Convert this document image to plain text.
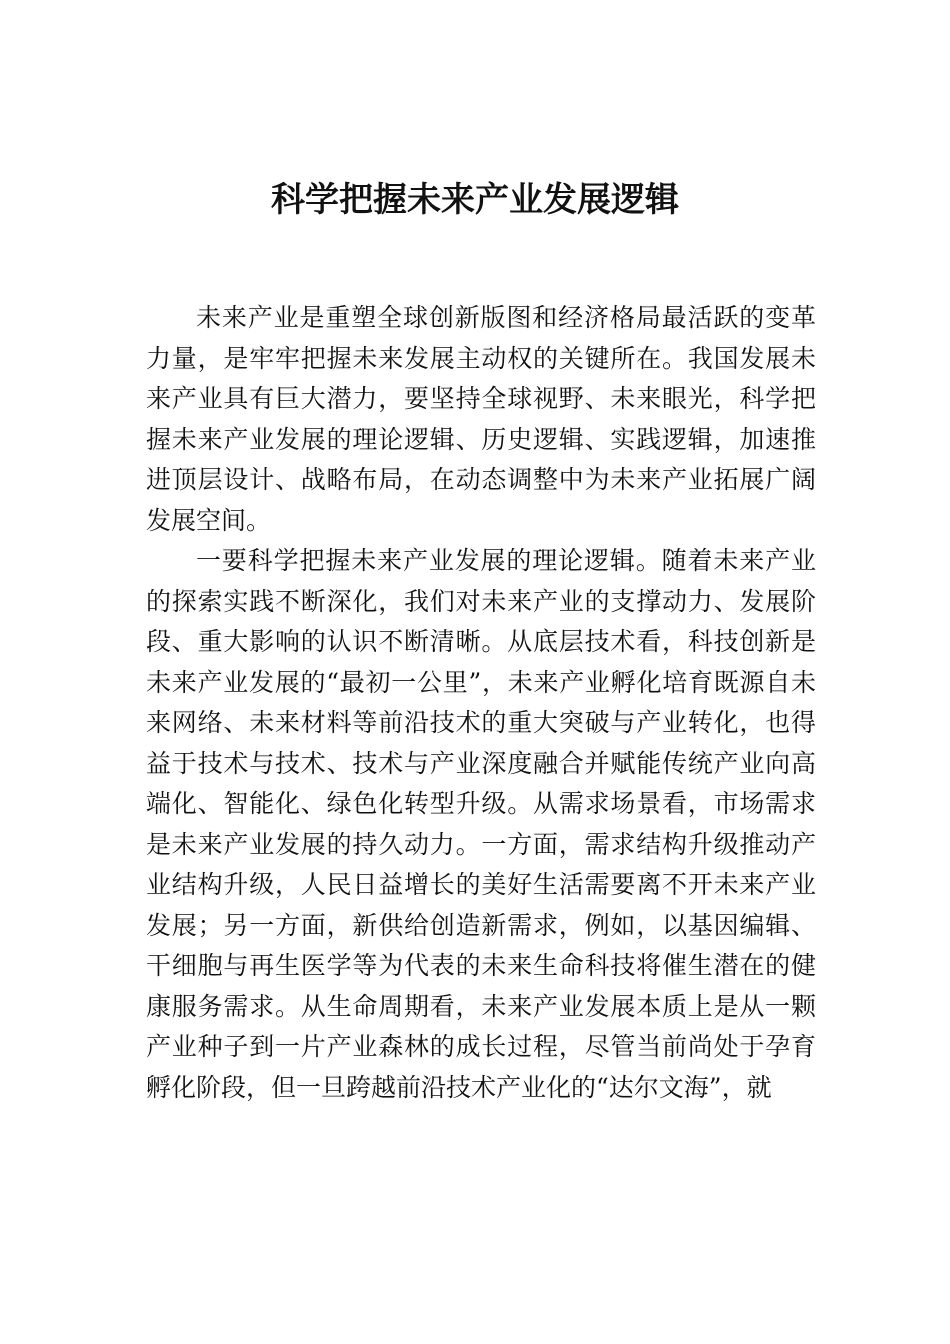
科学把握未来产业发展逻辑

未来产业是重塑全球创新版图和经济格局最活跃的变革力量，是牢牢把握未来发展主动权的关键所在。我国发展未来产业具有巨大潜力，要坚持全球视野、未来眼光，科学把握未来产业发展的理论逻辑、历史逻辑、实践逻辑，加速推进顶层设计、战略布局，在动态调整中为未来产业拓展广阔发展空间。

一要科学把握未来产业发展的理论逻辑。随着未来产业的探索实践不断深化，我们对未来产业的支撑动力、发展阶段、重大影响的认识不断清晰。从底层技术看，科技创新是未来产业发展的“最初一公里”，未来产业孵化培育既源自未来网络、未来材料等前沿技术的重大突破与产业转化，也得益于技术与技术、技术与产业深度融合并赋能传统产业向高端化、智能化、绿色化转型升级。从需求场景看，市场需求是未来产业发展的持久动力。一方面，需求结构升级推动产业结构升级，人民日益增长的美好生活需要离不开未来产业发展；另一方面，新供给创造新需求，例如，以基因编辑、 干细胞与再生医学等为代表的未来生命科技将催生潜在的健康服务需求。从生命周期看，未来产业发展本质上是从一颗产业种子到一片产业森林的成长过程，尽管当前尚处于孕育孵化阶段，但一旦跨越前沿技术产业化的“达尔文海”，就
